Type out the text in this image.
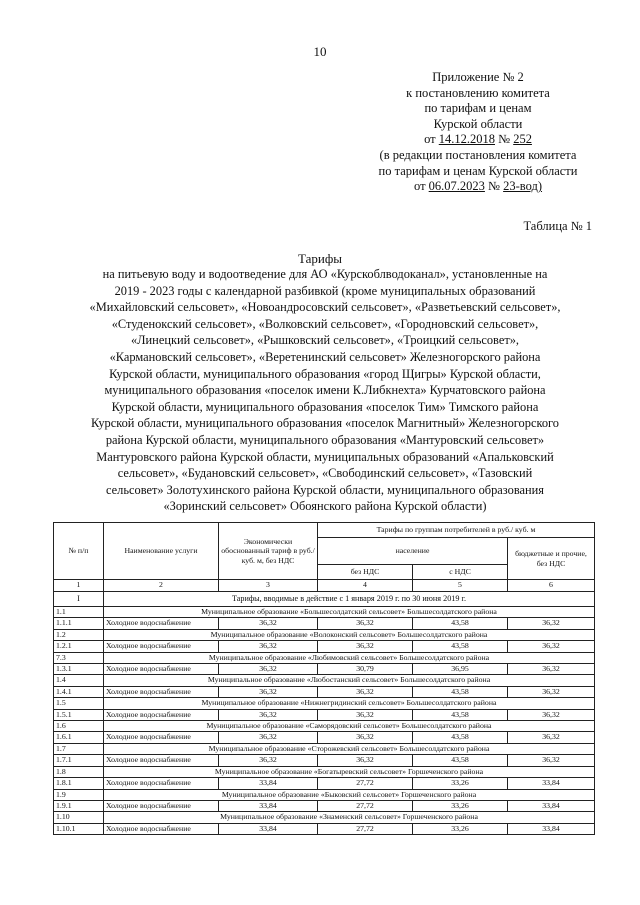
10
Приложение № 2
к постановлению комитета
по тарифам и ценам
Курской области
от 14.12.2018 № 252
(в редакции постановления комитета
по тарифам и ценам Курской области
от 06.07.2023 № 23-вод)
Таблица № 1
Тарифы
на питьевую воду и водоотведение для АО «Курскоблводоканал», установленные на
2019 - 2023 годы с календарной разбивкой (кроме муниципальных образований
«Михайловский сельсовет», «Новоандросовский сельсовет», «Разветьевский сельсовет»,
«Студенокский сельсовет», «Волковский сельсовет», «Городновский сельсовет»,
«Линецкий сельсовет», «Рышковский сельсовет», «Троицкий сельсовет»,
«Кармановский сельсовет», «Веретенинский сельсовет» Железногорского района
Курской области, муниципального образования «город Щигры» Курской области,
муниципального образования «поселок имени К.Либкнехта» Курчатовского района
Курской области, муниципального образования «поселок Тим» Тимского района
Курской области, муниципального образования «поселок Магнитный» Железногорского
района Курской области, муниципального образования «Мантуровский сельсовет»
Мантуровского района Курской области, муниципальных образований «Апальковский
сельсовет», «Будановский сельсовет», «Свободинский сельсовет», «Тазовский
сельсовет» Золотухинского района Курской области, муниципального образования
«Зоринский сельсовет» Обоянского района Курской области)
№ п/п	Наименование услуги	Экономически обоснованный тариф в руб./ куб. м, без НДС	Тарифы по группам потребителей в руб./ куб. м		
			население		бюджетные и прочие, без НДС
			без НДС	с НДС	
1	2	3	4	5	6
I	Тарифы, вводимые в действие с 1 января 2019 г. по 30 июня 2019 г.				
1.1	Муниципальное образование «Большесолдатский сельсовет» Большесолдатского района				
1.1.1	Холодное водоснабжение	36,32	36,32	43,58	36,32
1.2	Муниципальное образование «Волоконский сельсовет» Большесолдатского района				
1.2.1	Холодное водоснабжение	36,32	36,32	43,58	36,32
7.3	Муниципальное образование «Любимовский сельсовет» Большесолдатского района				
1.3.1	Холодное водоснабжение	36,32	30,79	36,95	36,32
1.4	Муниципальное образование «Любостанский сельсовет» Большесолдатского района				
1.4.1	Холодное водоснабжение	36,32	36,32	43,58	36,32
1.5	Муниципальное образование «Нижнегридинский сельсовет» Большесолдатского района				
1.5.1	Холодное водоснабжение	36,32	36,32	43,58	36,32
1.6	Муниципальное образование «Саморядовский сельсовет» Большесолдатского района				
1.6.1	Холодное водоснабжение	36,32	36,32	43,58	36,32
1.7	Муниципальное образование «Сторожевский сельсовет» Большесолдатского района				
1.7.1	Холодное водоснабжение	36,32	36,32	43,58	36,32
1.8	Муниципальное образование «Богатыревский сельсовет» Горшеченского района				
1.8.1	Холодное водоснабжение	33,84	27,72	33,26	33,84
1.9	Муниципальное образование «Быковский сельсовет» Горшеченского района				
1.9.1	Холодное водоснабжение	33,84	27,72	33,26	33,84
1.10	Муниципальное образование «Знаменский сельсовет» Горшеченского района				
1.10.1	Холодное водоснабжение	33,84	27,72	33,26	33,84
